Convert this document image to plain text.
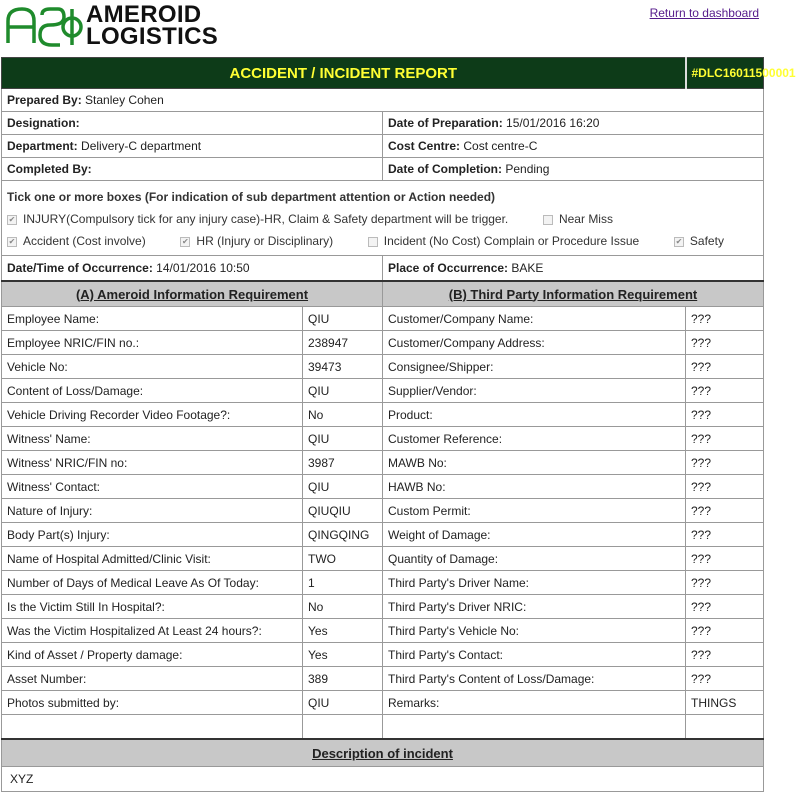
AMEROID
LOGISTICS
Return to dashboard
ACCIDENT / INCIDENT REPORT			#DLC16011500001
Prepared By: Stanley Cohen			
Designation:		Date of Preparation: 15/01/2016 16:20	
Department: Delivery-C department		Cost Centre: Cost centre-C	
Completed By:		Date of Completion: Pending	

Tick one or more boxes (For indication of sub department attention or Action needed)
✔ INJURY(Compulsory tick for any injury case)-HR, Claim & Safety department will be trigger. Near Miss
✔ Accident (Cost involve) ✔ HR (Injury or Disciplinary) Incident (No Cost) Complain or Procedure Issue ✔ Safety			

Date/Time of Occurrence: 14/01/2016 10:50		Place of Occurrence: BAKE	
(A) Ameroid Information Requirement		(B) Third Party Information Requirement	
Employee Name:	QIU	Customer/Company Name:	???
Employee NRIC/FIN no.:	238947	Customer/Company Address:	???
Vehicle No:	39473	Consignee/Shipper:	???
Content of Loss/Damage:	QIU	Supplier/Vendor:	???
Vehicle Driving Recorder Video Footage?:	No	Product:	???
Witness' Name:	QIU	Customer Reference:	???
Witness' NRIC/FIN no:	3987	MAWB No:	???
Witness' Contact:	QIU	HAWB No:	???
Nature of Injury:	QIUQIU	Custom Permit:	???
Body Part(s) Injury:	QINGQING	Weight of Damage:	???
Name of Hospital Admitted/Clinic Visit:	TWO	Quantity of Damage:	???
Number of Days of Medical Leave As Of Today:	1	Third Party's Driver Name:	???
Is the Victim Still In Hospital?:	No	Third Party's Driver NRIC:	???
Was the Victim Hospitalized At Least 24 hours?:	Yes	Third Party's Vehicle No:	???
Kind of Asset / Property damage:	Yes	Third Party's Contact:	???
Asset Number:	389	Third Party's Content of Loss/Damage:	???
Photos submitted by:	QIU	Remarks:	THINGS

Description of incident			
XYZ			
